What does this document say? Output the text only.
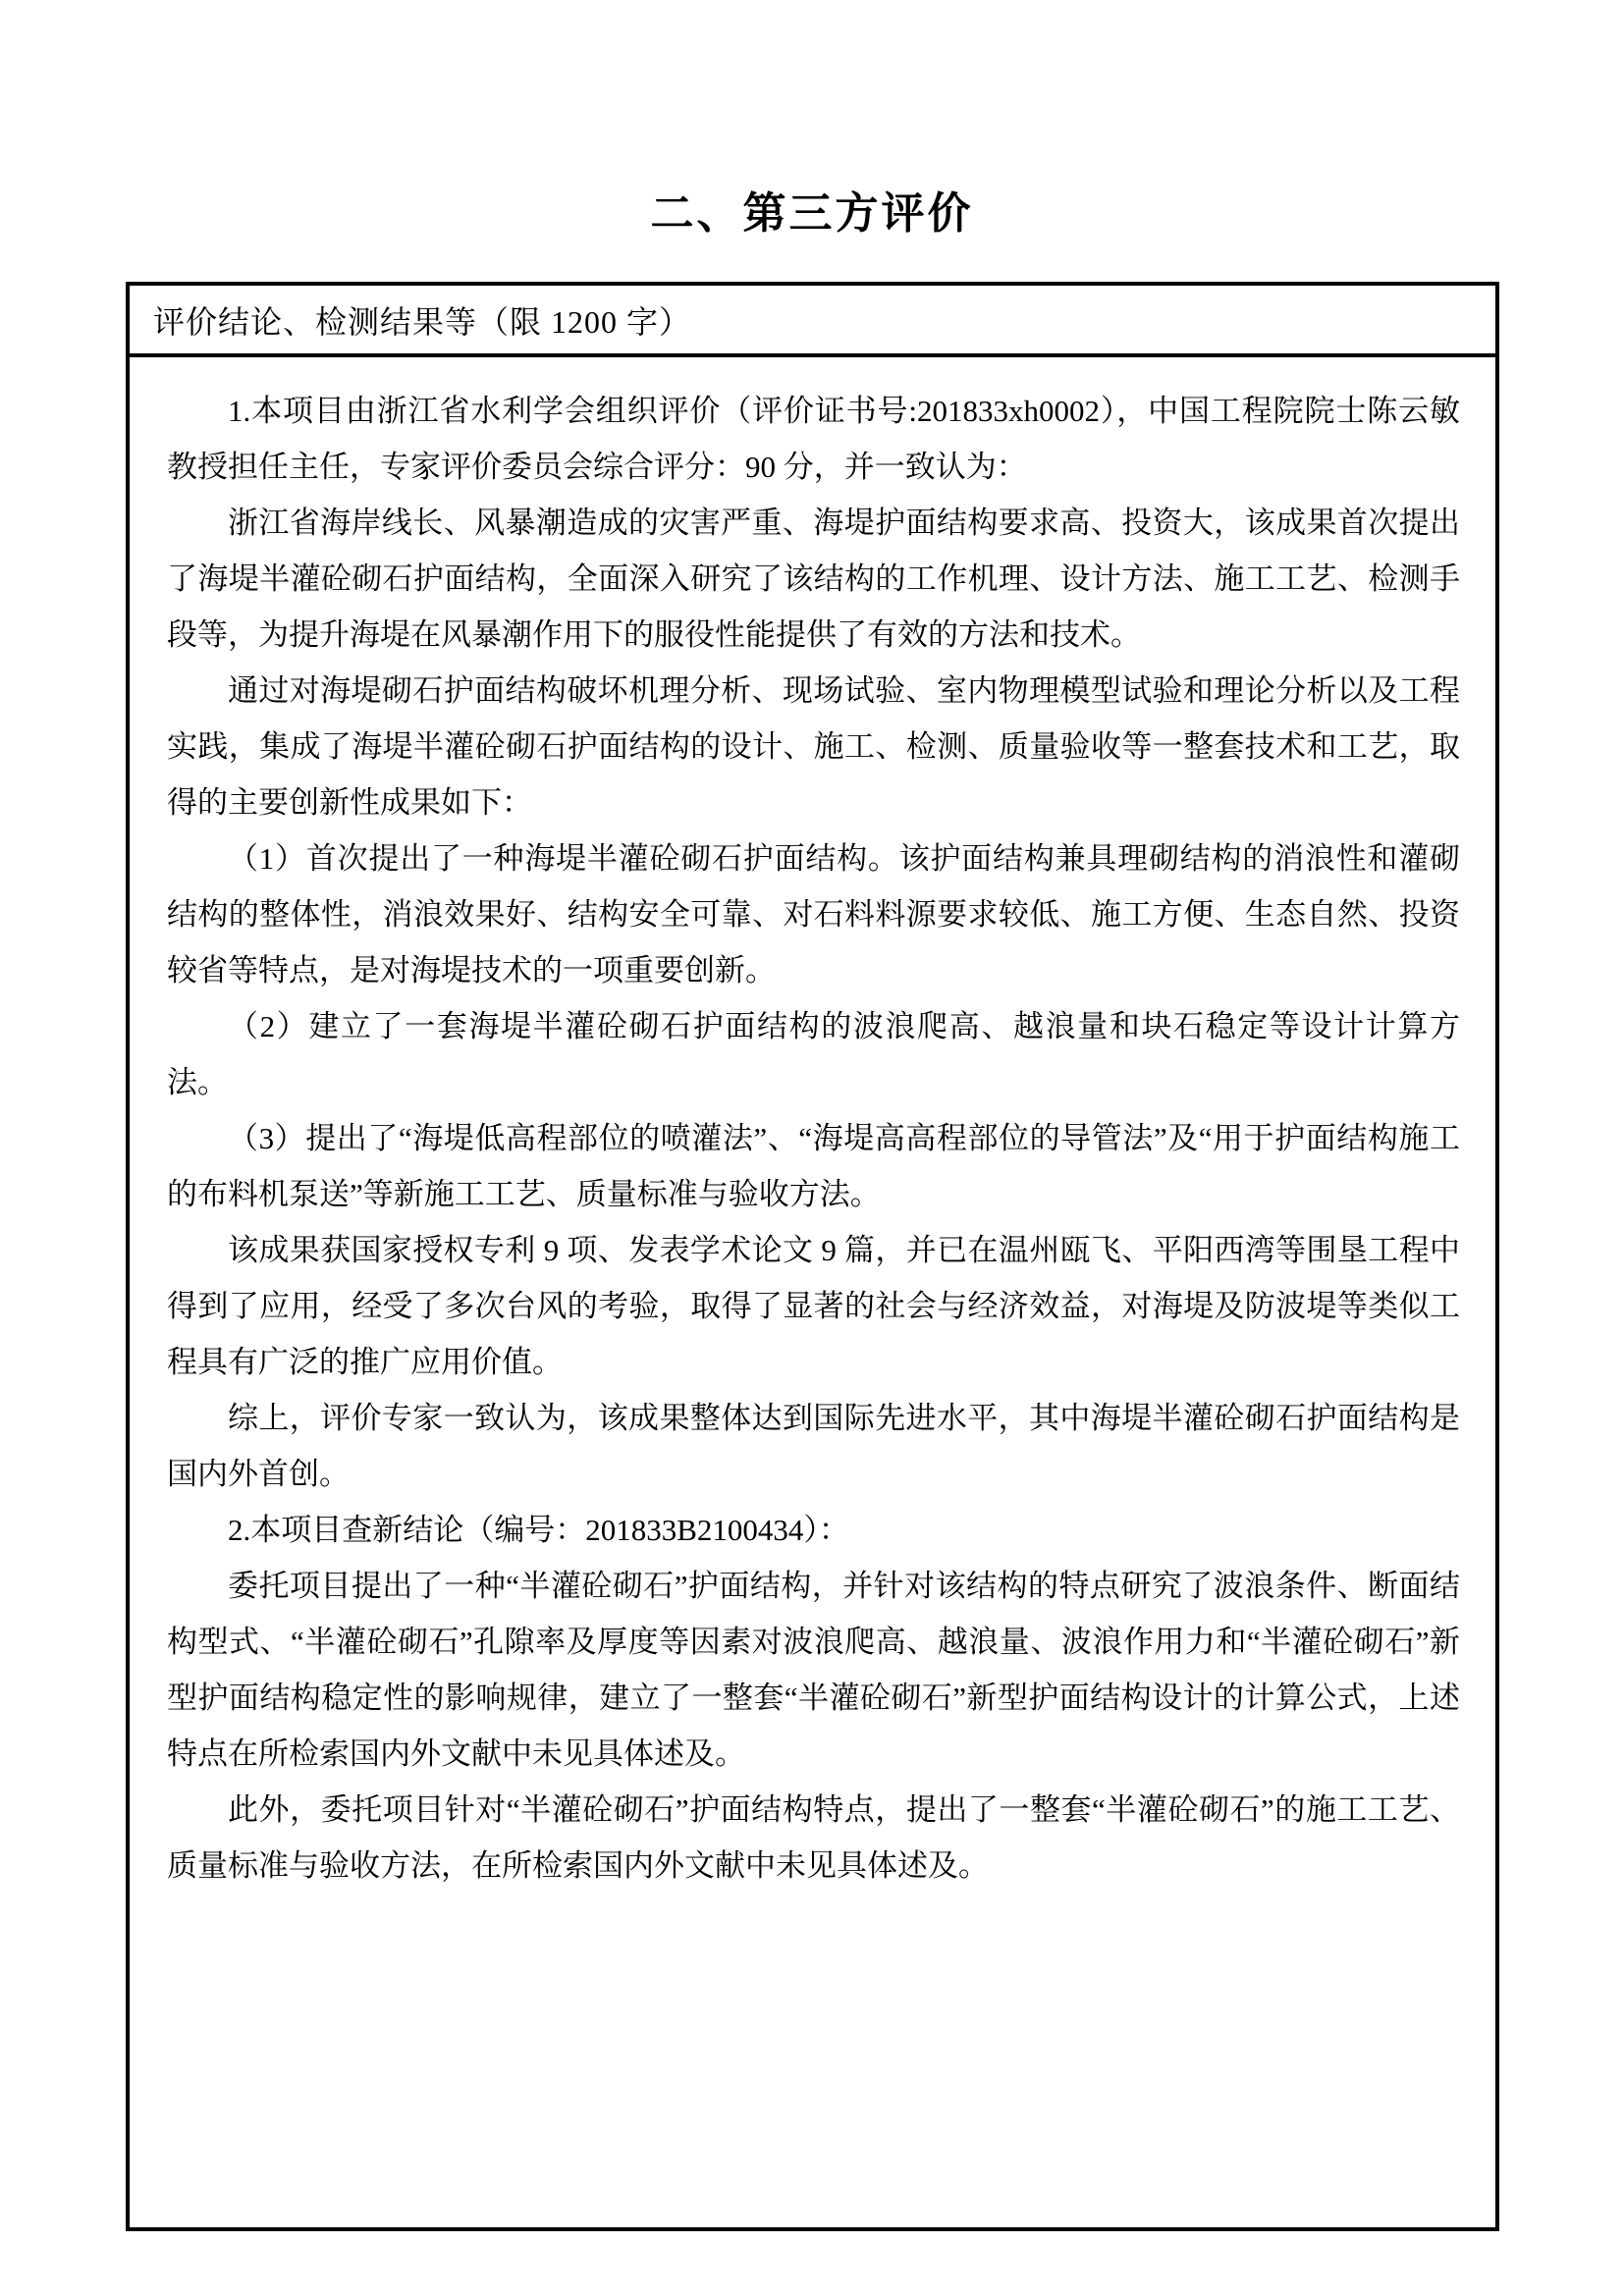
二、第三方评价
评价结论、检测结果等（限 1200 字）

1.本项目由浙江省水利学会组织评价（评价证书号:201833xh0002），中国工程院院士陈云敏教授担任主任，专家评价委员会综合评分：90 分，并一致认为：

浙江省海岸线长、风暴潮造成的灾害严重、海堤护面结构要求高、投资大，该成果首次提出了海堤半灌砼砌石护面结构，全面深入研究了该结构的工作机理、设计方法、施工工艺、检测手段等，为提升海堤在风暴潮作用下的服役性能提供了有效的方法和技术。

通过对海堤砌石护面结构破坏机理分析、现场试验、室内物理模型试验和理论分析以及工程实践，集成了海堤半灌砼砌石护面结构的设计、施工、检测、质量验收等一整套技术和工艺，取得的主要创新性成果如下：

（1）首次提出了一种海堤半灌砼砌石护面结构。该护面结构兼具理砌结构的消浪性和灌砌结构的整体性，消浪效果好、结构安全可靠、对石料料源要求较低、施工方便、生态自然、投资较省等特点，是对海堤技术的一项重要创新。

（2）建立了一套海堤半灌砼砌石护面结构的波浪爬高、越浪量和块石稳定等设计计算方法。

（3）提出了“海堤低高程部位的喷灌法”、“海堤高高程部位的导管法”及“用于护面结构施工的布料机泵送”等新施工工艺、质量标准与验收方法。

该成果获国家授权专利 9 项、发表学术论文 9 篇，并已在温州瓯飞、平阳西湾等围垦工程中得到了应用，经受了多次台风的考验，取得了显著的社会与经济效益，对海堤及防波堤等类似工程具有广泛的推广应用价值。

综上，评价专家一致认为，该成果整体达到国际先进水平，其中海堤半灌砼砌石护面结构是国内外首创。

2.本项目查新结论（编号：201833B2100434）：

委托项目提出了一种“半灌砼砌石”护面结构，并针对该结构的特点研究了波浪条件、断面结构型式、“半灌砼砌石”孔隙率及厚度等因素对波浪爬高、越浪量、波浪作用力和“半灌砼砌石”新型护面结构稳定性的影响规律，建立了一整套“半灌砼砌石”新型护面结构设计的计算公式，上述特点在所检索国内外文献中未见具体述及。

此外，委托项目针对“半灌砼砌石”护面结构特点，提出了一整套“半灌砼砌石”的施工工艺、质量标准与验收方法，在所检索国内外文献中未见具体述及。
